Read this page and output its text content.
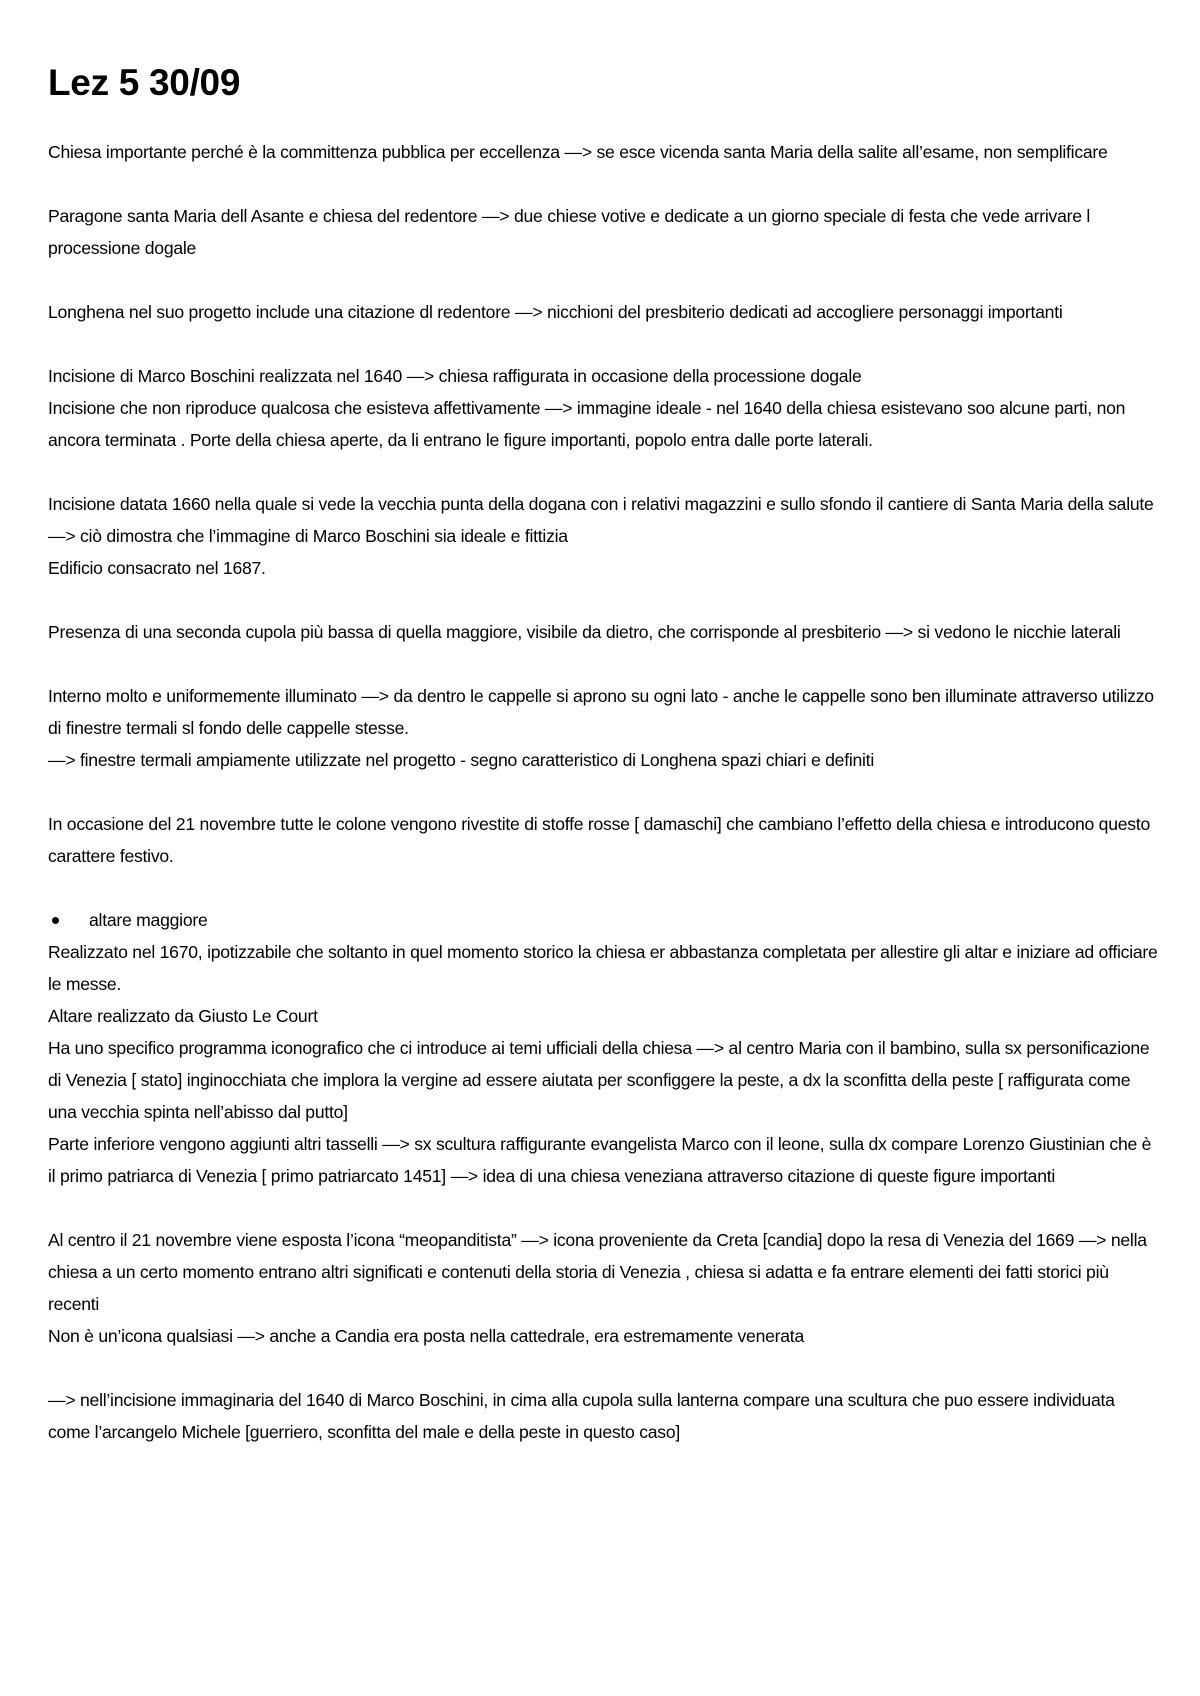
Lez 5 30/09
Chiesa importante perché è la committenza pubblica per eccellenza —> se esce vicenda santa Maria della salite all’esame, non semplificare
Paragone santa Maria dell Asante e chiesa del redentore —> due chiese votive e dedicate a un giorno speciale di festa che vede arrivare l processione dogale
Longhena nel suo progetto include una citazione dl redentore —> nicchioni del presbiterio dedicati ad accogliere personaggi importanti
Incisione di Marco Boschini realizzata nel 1640 —> chiesa raffigurata in occasione della processione dogale
Incisione che non riproduce qualcosa che esisteva affettivamente —> immagine ideale - nel 1640 della chiesa esistevano soo alcune parti, non ancora terminata . Porte della chiesa aperte, da li entrano le figure importanti, popolo entra dalle porte laterali.
Incisione datata 1660 nella quale si vede la vecchia punta della dogana con i relativi magazzini e sullo sfondo il cantiere di Santa Maria della salute —> ciò dimostra che l’immagine di Marco Boschini sia ideale e fittizia
Edificio consacrato nel 1687.
Presenza di una seconda cupola più bassa di quella maggiore, visibile da dietro, che corrisponde al presbiterio —> si vedono le nicchie laterali
Interno molto e uniformemente illuminato —> da dentro le cappelle si aprono su ogni lato - anche le cappelle sono ben illuminate attraverso utilizzo di finestre termali sl fondo delle cappelle stesse.
—> finestre termali ampiamente utilizzate nel progetto - segno caratteristico di Longhena spazi chiari e definiti
In occasione del 21 novembre tutte le colone vengono rivestite di stoffe rosse [ damaschi] che cambiano l’effetto della chiesa e introducono questo carattere festivo.
altare maggiore
Realizzato nel 1670, ipotizzabile che soltanto in quel momento storico la chiesa er abbastanza completata per allestire gli altar e iniziare ad officiare le messe.
Altare realizzato da Giusto Le Court
Ha uno specifico programma iconografico che ci introduce ai temi ufficiali della chiesa —> al centro Maria con il bambino, sulla sx personificazione di Venezia [ stato] inginocchiata che implora la vergine ad essere aiutata per sconfiggere la peste, a dx la sconfitta della peste [ raffigurata come una vecchia spinta nell’abisso dal putto]
Parte inferiore vengono aggiunti altri tasselli —> sx scultura raffigurante evangelista Marco con il leone, sulla dx compare Lorenzo Giustinian che è il primo patriarca di Venezia [ primo patriarcato 1451] —> idea di una chiesa veneziana attraverso citazione di queste figure importanti
Al centro il 21 novembre viene esposta l’icona “meopanditista” —> icona proveniente da Creta [candia] dopo la resa di Venezia del 1669 —> nella chiesa a un certo momento entrano altri significati e contenuti della storia di Venezia , chiesa si adatta e fa entrare elementi dei fatti storici più recenti
Non è un’icona qualsiasi —> anche a Candia era posta nella cattedrale, era estremamente venerata
—> nell’incisione immaginaria del 1640 di Marco Boschini, in cima alla cupola sulla lanterna compare una scultura che puo essere individuata come l’arcangelo Michele [guerriero, sconfitta del male e della peste in questo caso]
